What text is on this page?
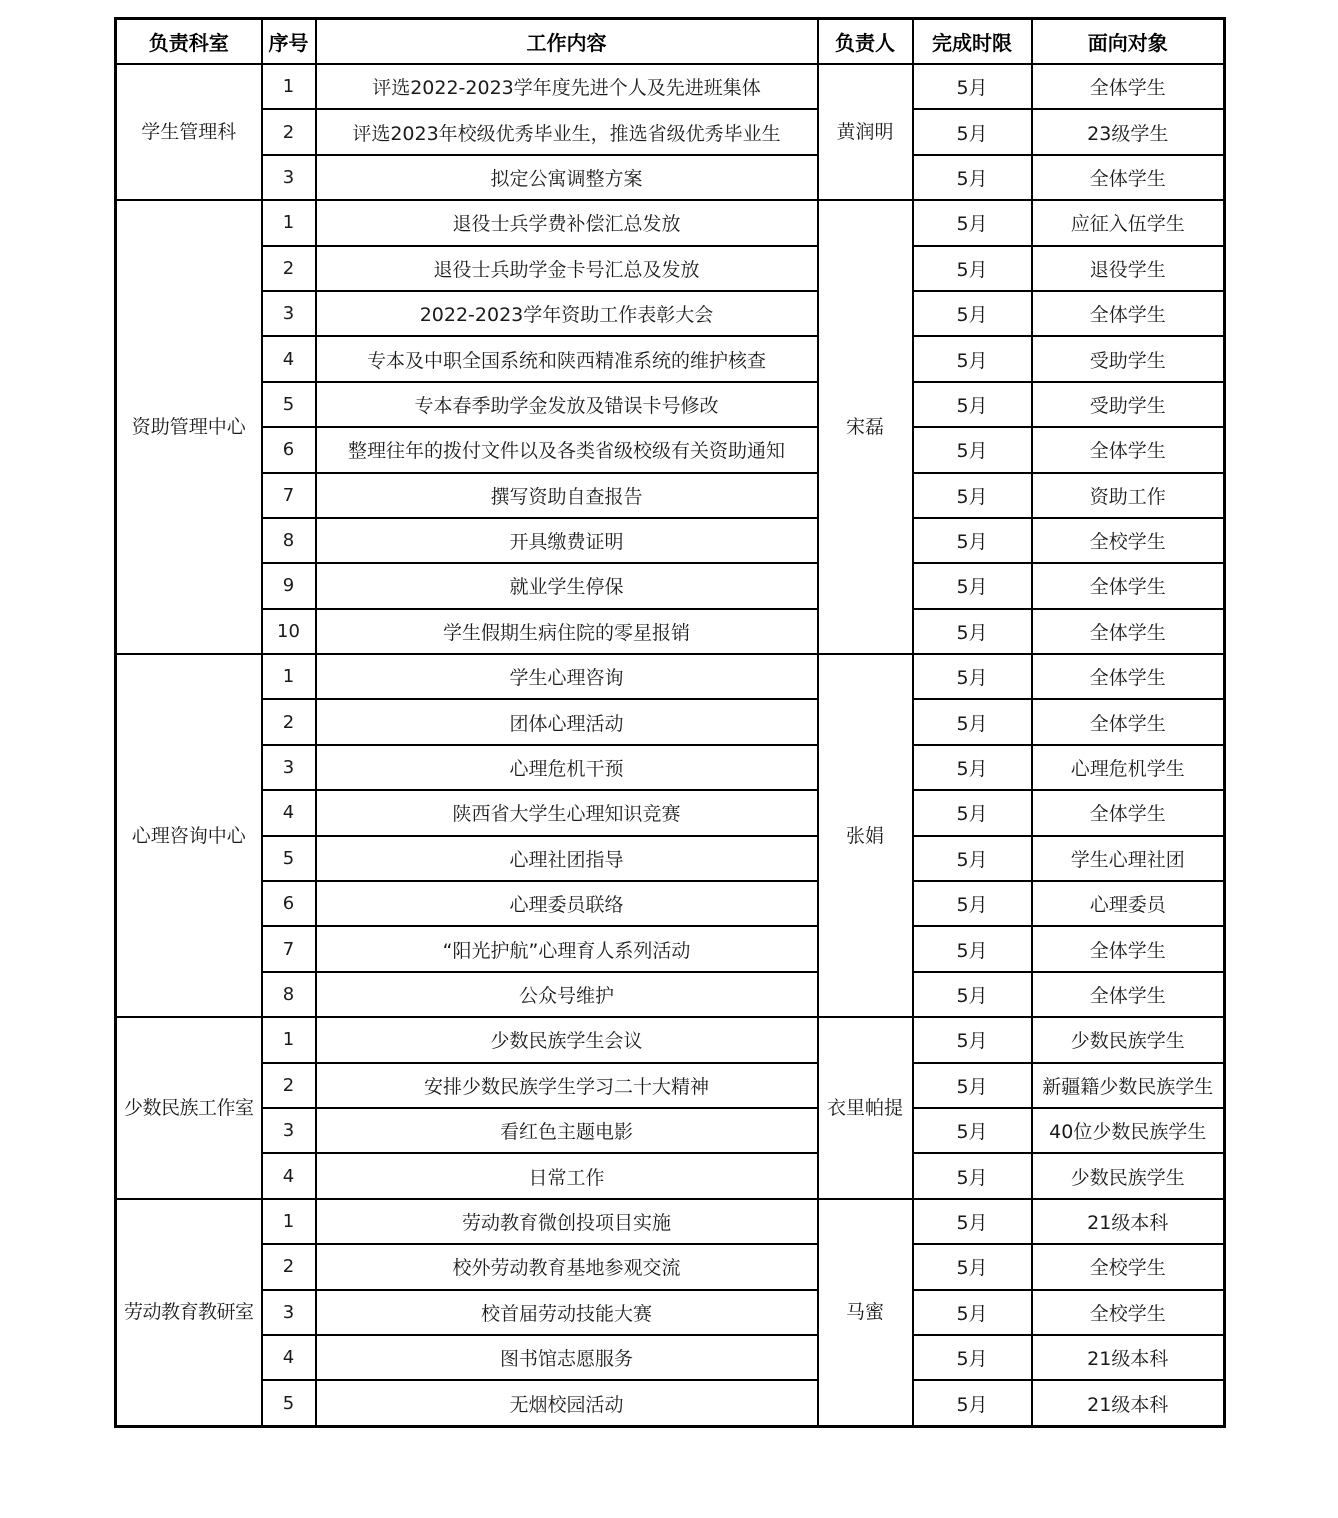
负责科室	序号	工作内容	负责人	完成时限	面向对象
学生管理科	1	评选2022-2023学年度先进个人及先进班集体	黄润明	5月	全体学生
	2	评选2023年校级优秀毕业生，推选省级优秀毕业生		5月	23级学生
	3	拟定公寓调整方案		5月	全体学生
资助管理中心	1	退役士兵学费补偿汇总发放	宋磊	5月	应征入伍学生
	2	退役士兵助学金卡号汇总及发放		5月	退役学生
	3	2022-2023学年资助工作表彰大会		5月	全体学生
	4	专本及中职全国系统和陕西精准系统的维护核查		5月	受助学生
	5	专本春季助学金发放及错误卡号修改		5月	受助学生
	6	整理往年的拨付文件以及各类省级校级有关资助通知		5月	全体学生
	7	撰写资助自查报告		5月	资助工作
	8	开具缴费证明		5月	全校学生
	9	就业学生停保		5月	全体学生
	10	学生假期生病住院的零星报销		5月	全体学生
心理咨询中心	1	学生心理咨询	张娟	5月	全体学生
	2	团体心理活动		5月	全体学生
	3	心理危机干预		5月	心理危机学生
	4	陕西省大学生心理知识竞赛		5月	全体学生
	5	心理社团指导		5月	学生心理社团
	6	心理委员联络		5月	心理委员
	7	“阳光护航”心理育人系列活动		5月	全体学生
	8	公众号维护		5月	全体学生
少数民族工作室	1	少数民族学生会议	衣里帕提	5月	少数民族学生
	2	安排少数民族学生学习二十大精神		5月	新疆籍少数民族学生
	3	看红色主题电影		5月	40位少数民族学生
	4	日常工作		5月	少数民族学生
劳动教育教研室	1	劳动教育微创投项目实施	马蜜	5月	21级本科
	2	校外劳动教育基地参观交流		5月	全校学生
	3	校首届劳动技能大赛		5月	全校学生
	4	图书馆志愿服务		5月	21级本科
	5	无烟校园活动		5月	21级本科
